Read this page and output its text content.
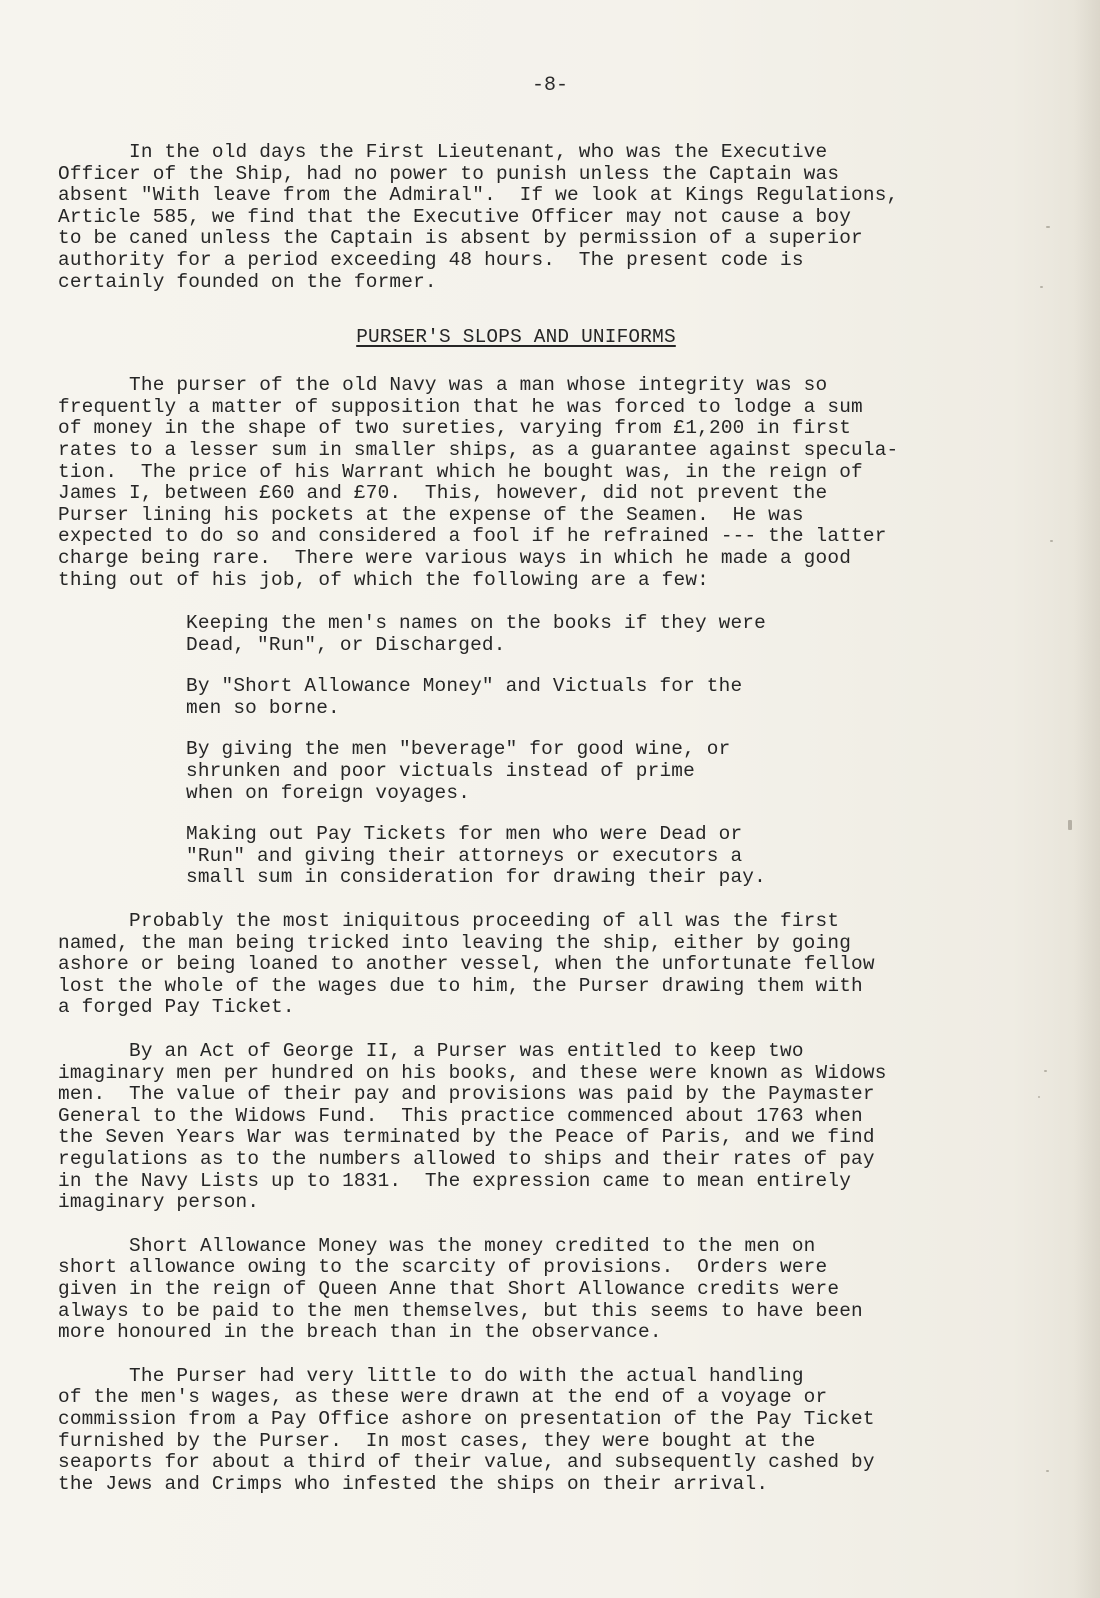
-8-
In the old days the First Lieutenant, who was the Executive
Officer of the Ship, had no power to punish unless the Captain was
absent "With leave from the Admiral".  If we look at Kings Regulations,
Article 585, we find that the Executive Officer may not cause a boy
to be caned unless the Captain is absent by permission of a superior
authority for a period exceeding 48 hours.  The present code is
certainly founded on the former.
PURSER'S SLOPS AND UNIFORMS
The purser of the old Navy was a man whose integrity was so
frequently a matter of supposition that he was forced to lodge a sum
of money in the shape of two sureties, varying from £1,200 in first
rates to a lesser sum in smaller ships, as a guarantee against specula-
tion.  The price of his Warrant which he bought was, in the reign of
James I, between £60 and £70.  This, however, did not prevent the
Purser lining his pockets at the expense of the Seamen.  He was
expected to do so and considered a fool if he refrained --- the latter
charge being rare.  There were various ways in which he made a good
thing out of his job, of which the following are a few:
Keeping the men's names on the books if they were
Dead, "Run", or Discharged.
By "Short Allowance Money" and Victuals for the
men so borne.
By giving the men "beverage" for good wine, or
shrunken and poor victuals instead of prime
when on foreign voyages.
Making out Pay Tickets for men who were Dead or
"Run" and giving their attorneys or executors a
small sum in consideration for drawing their pay.
Probably the most iniquitous proceeding of all was the first
named, the man being tricked into leaving the ship, either by going
ashore or being loaned to another vessel, when the unfortunate fellow
lost the whole of the wages due to him, the Purser drawing them with
a forged Pay Ticket.
By an Act of George II, a Purser was entitled to keep two
imaginary men per hundred on his books, and these were known as Widows
men.  The value of their pay and provisions was paid by the Paymaster
General to the Widows Fund.  This practice commenced about 1763 when
the Seven Years War was terminated by the Peace of Paris, and we find
regulations as to the numbers allowed to ships and their rates of pay
in the Navy Lists up to 1831.  The expression came to mean entirely
imaginary person.
Short Allowance Money was the money credited to the men on
short allowance owing to the scarcity of provisions.  Orders were
given in the reign of Queen Anne that Short Allowance credits were
always to be paid to the men themselves, but this seems to have been
more honoured in the breach than in the observance.
The Purser had very little to do with the actual handling
of the men's wages, as these were drawn at the end of a voyage or
commission from a Pay Office ashore on presentation of the Pay Ticket
furnished by the Purser.  In most cases, they were bought at the
seaports for about a third of their value, and subsequently cashed by
the Jews and Crimps who infested the ships on their arrival.
